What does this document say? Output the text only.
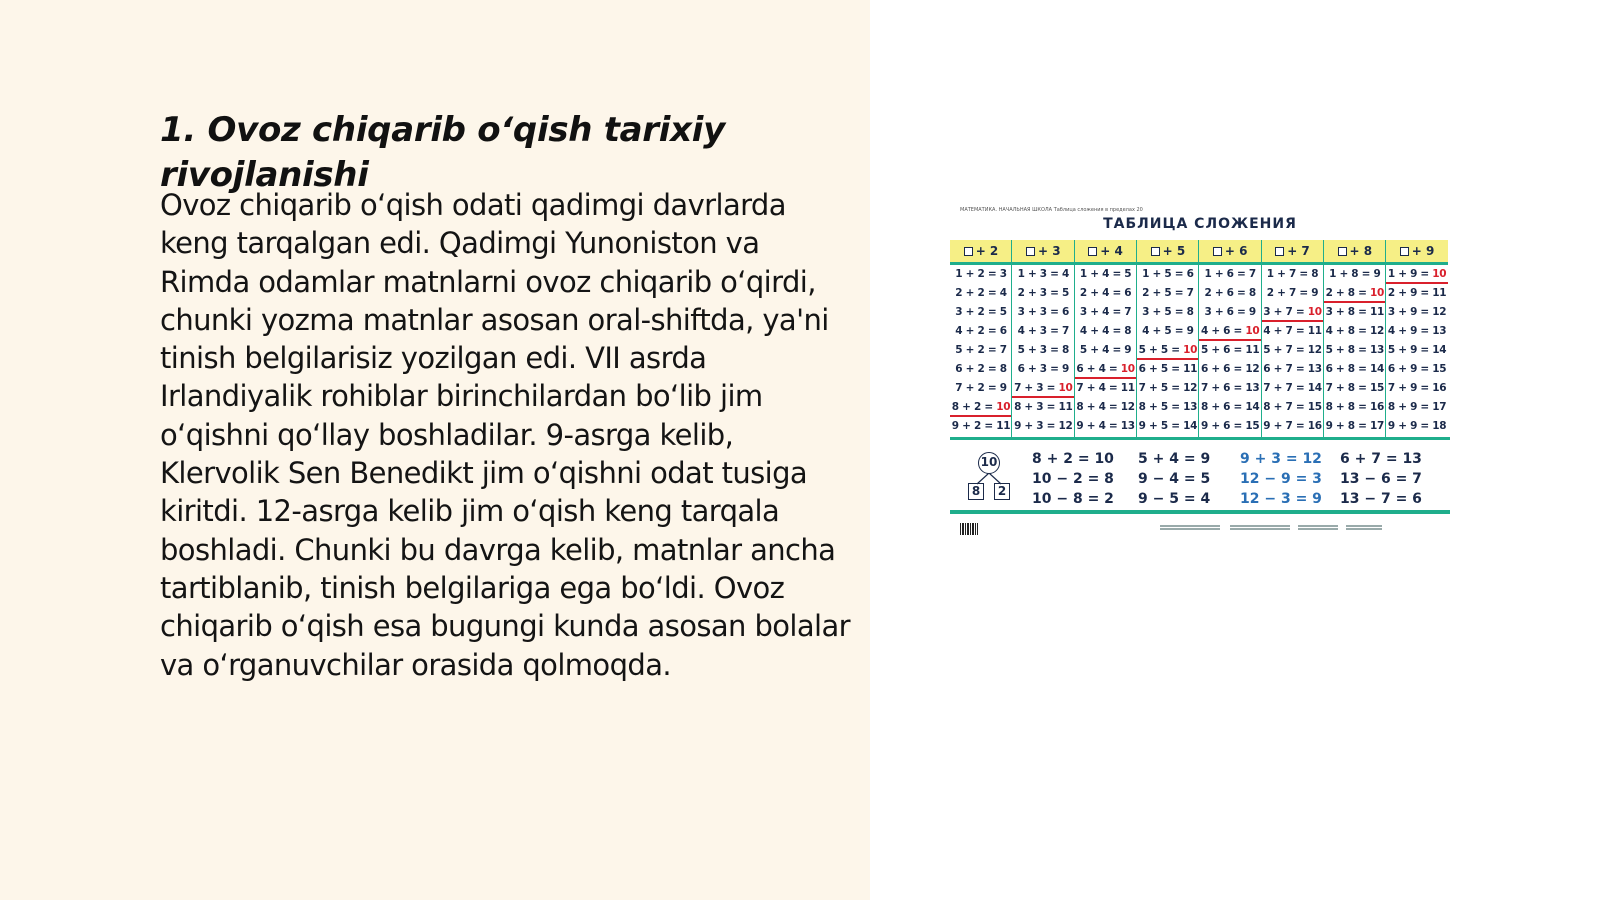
1. Ovoz chiqarib oʻqish tarixiy rivojlanishi

Ovoz chiqarib oʻqish odati qadimgi davrlarda keng tarqalgan edi. Qadimgi Yunoniston va Rimda odamlar matnlarni ovoz chiqarib oʻqirdi, chunki yozma matnlar asosan oral-shiftda, ya'ni tinish belgilarisiz yozilgan edi. VII asrda Irlandiyalik rohiblar birinchilardan boʻlib jim oʻqishni qoʻllay boshladilar. 9-asrga kelib, Klervolik Sen Benedikt jim oʻqishni odat tusiga kiritdi. 12-asrga kelib jim oʻqish keng tarqala boshladi. Chunki bu davrga kelib, matnlar ancha tartiblanib, tinish belgilariga ega boʻldi. Ovoz chiqarib oʻqish esa bugungi kunda asosan bolalar va oʻrganuvchilar orasida qolmoqda.

МАТЕМАТИКА. НАЧАЛЬНАЯ ШКОЛА Таблица сложения в пределах 20
ТАБЛИЦА СЛОЖЕНИЯ
+ 2
1 + 2 = 3
2 + 2 = 4
3 + 2 = 5
4 + 2 = 6
5 + 2 = 7
6 + 2 = 8
7 + 2 = 9
8 + 2 = 10
9 + 2 = 11
+ 3
1 + 3 = 4
2 + 3 = 5
3 + 3 = 6
4 + 3 = 7
5 + 3 = 8
6 + 3 = 9
7 + 3 = 10
8 + 3 = 11
9 + 3 = 12
+ 4
1 + 4 = 5
2 + 4 = 6
3 + 4 = 7
4 + 4 = 8
5 + 4 = 9
6 + 4 = 10
7 + 4 = 11
8 + 4 = 12
9 + 4 = 13
+ 5
1 + 5 = 6
2 + 5 = 7
3 + 5 = 8
4 + 5 = 9
5 + 5 = 10
6 + 5 = 11
7 + 5 = 12
8 + 5 = 13
9 + 5 = 14
+ 6
1 + 6 = 7
2 + 6 = 8
3 + 6 = 9
4 + 6 = 10
5 + 6 = 11
6 + 6 = 12
7 + 6 = 13
8 + 6 = 14
9 + 6 = 15
+ 7
1 + 7 = 8
2 + 7 = 9
3 + 7 = 10
4 + 7 = 11
5 + 7 = 12
6 + 7 = 13
7 + 7 = 14
8 + 7 = 15
9 + 7 = 16
+ 8
1 + 8 = 9
2 + 8 = 10
3 + 8 = 11
4 + 8 = 12
5 + 8 = 13
6 + 8 = 14
7 + 8 = 15
8 + 8 = 16
9 + 8 = 17
+ 9
1 + 9 = 10
2 + 9 = 11
3 + 9 = 12
4 + 9 = 13
5 + 9 = 14
6 + 9 = 15
7 + 9 = 16
8 + 9 = 17
9 + 9 = 18
10
8	2
8 + 2 = 10
10 − 2 = 8
10 − 8 = 2
5 + 4 = 9
9 − 4 = 5
9 − 5 = 4
9 + 3 = 12
12 − 9 = 3
12 − 3 = 9
6 + 7 = 13
13 − 6 = 7
13 − 7 = 6
